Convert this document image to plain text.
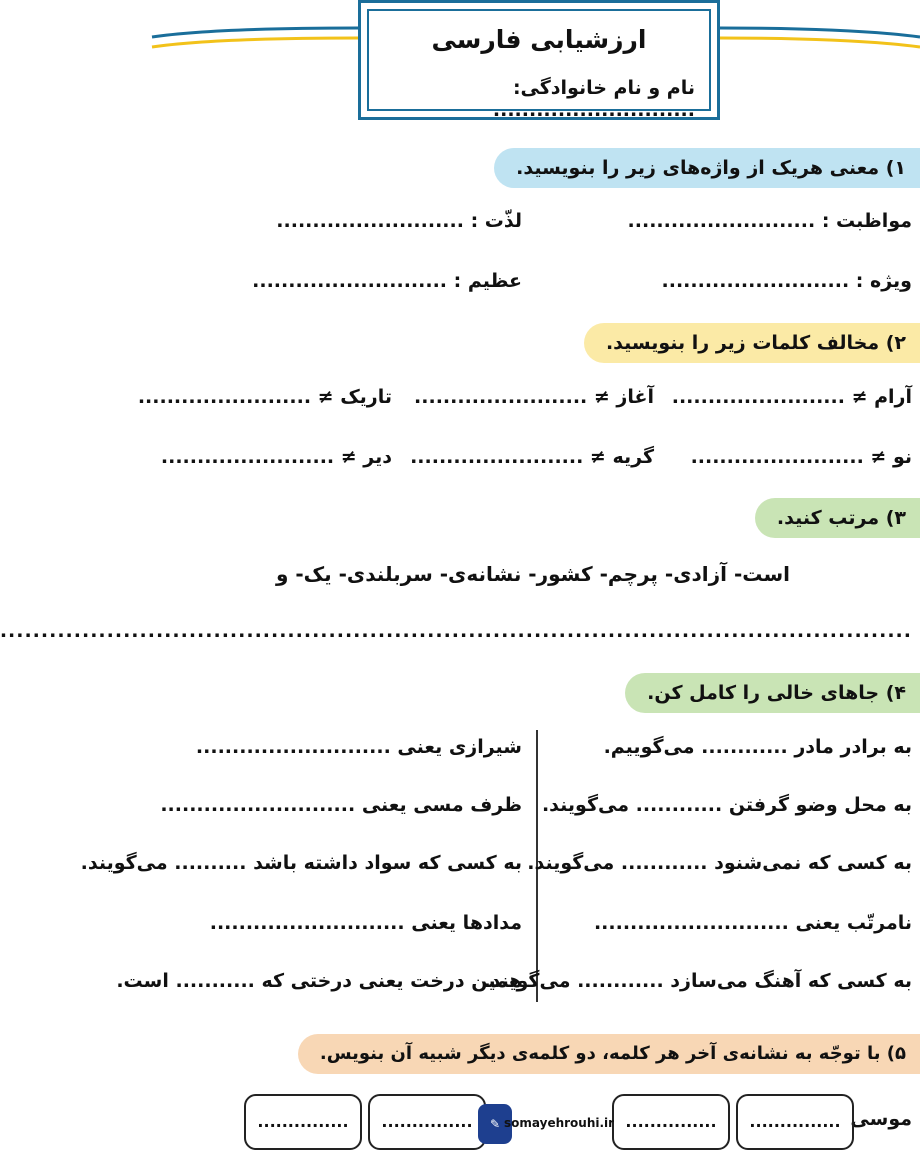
ارزشیابی فارسی
نام و نام خانوادگی: ............................
۱) معنی هریک از واژه‌های زیر را بنویسید.
مواظبت : ..........................
لذّت : ..........................
ویژه : ..........................
عظیم : ...........................
۲) مخالف کلمات زیر را بنویسید.
آرام ≠ ........................
آغاز ≠ ........................
تاریک ≠ ........................
نو ≠ ........................
گریه ≠ ........................
دیر ≠ ........................
۳) مرتب کنید.
است- آزادی- پرچم- کشور- نشانه‌ی- سربلندی- یک- و
...............................................................................................................
۴) جاهای خالی را کامل کن.
به برادر مادر ............ می‌گوییم.
به محل وضو گرفتن ............ می‌گویند.
به کسی که نمی‌شنود ............ می‌گویند.
نامرتّب یعنی ...........................
به کسی که آهنگ می‌سازد ............ می‌گویند.
شیرازی یعنی ...........................
ظرف مسی یعنی ...........................
به کسی که سواد داشته باشد .......... می‌گویند.
مدادها یعنی ...........................
همین درخت یعنی درختی که ........... است.
۵) با توجّه به نشانه‌ی آخر هر کلمه، دو کلمه‌ی دیگر شبیه آن بنویس.
موسی
...............
...............
...............
...............	✎ somayehrouhi.ir
